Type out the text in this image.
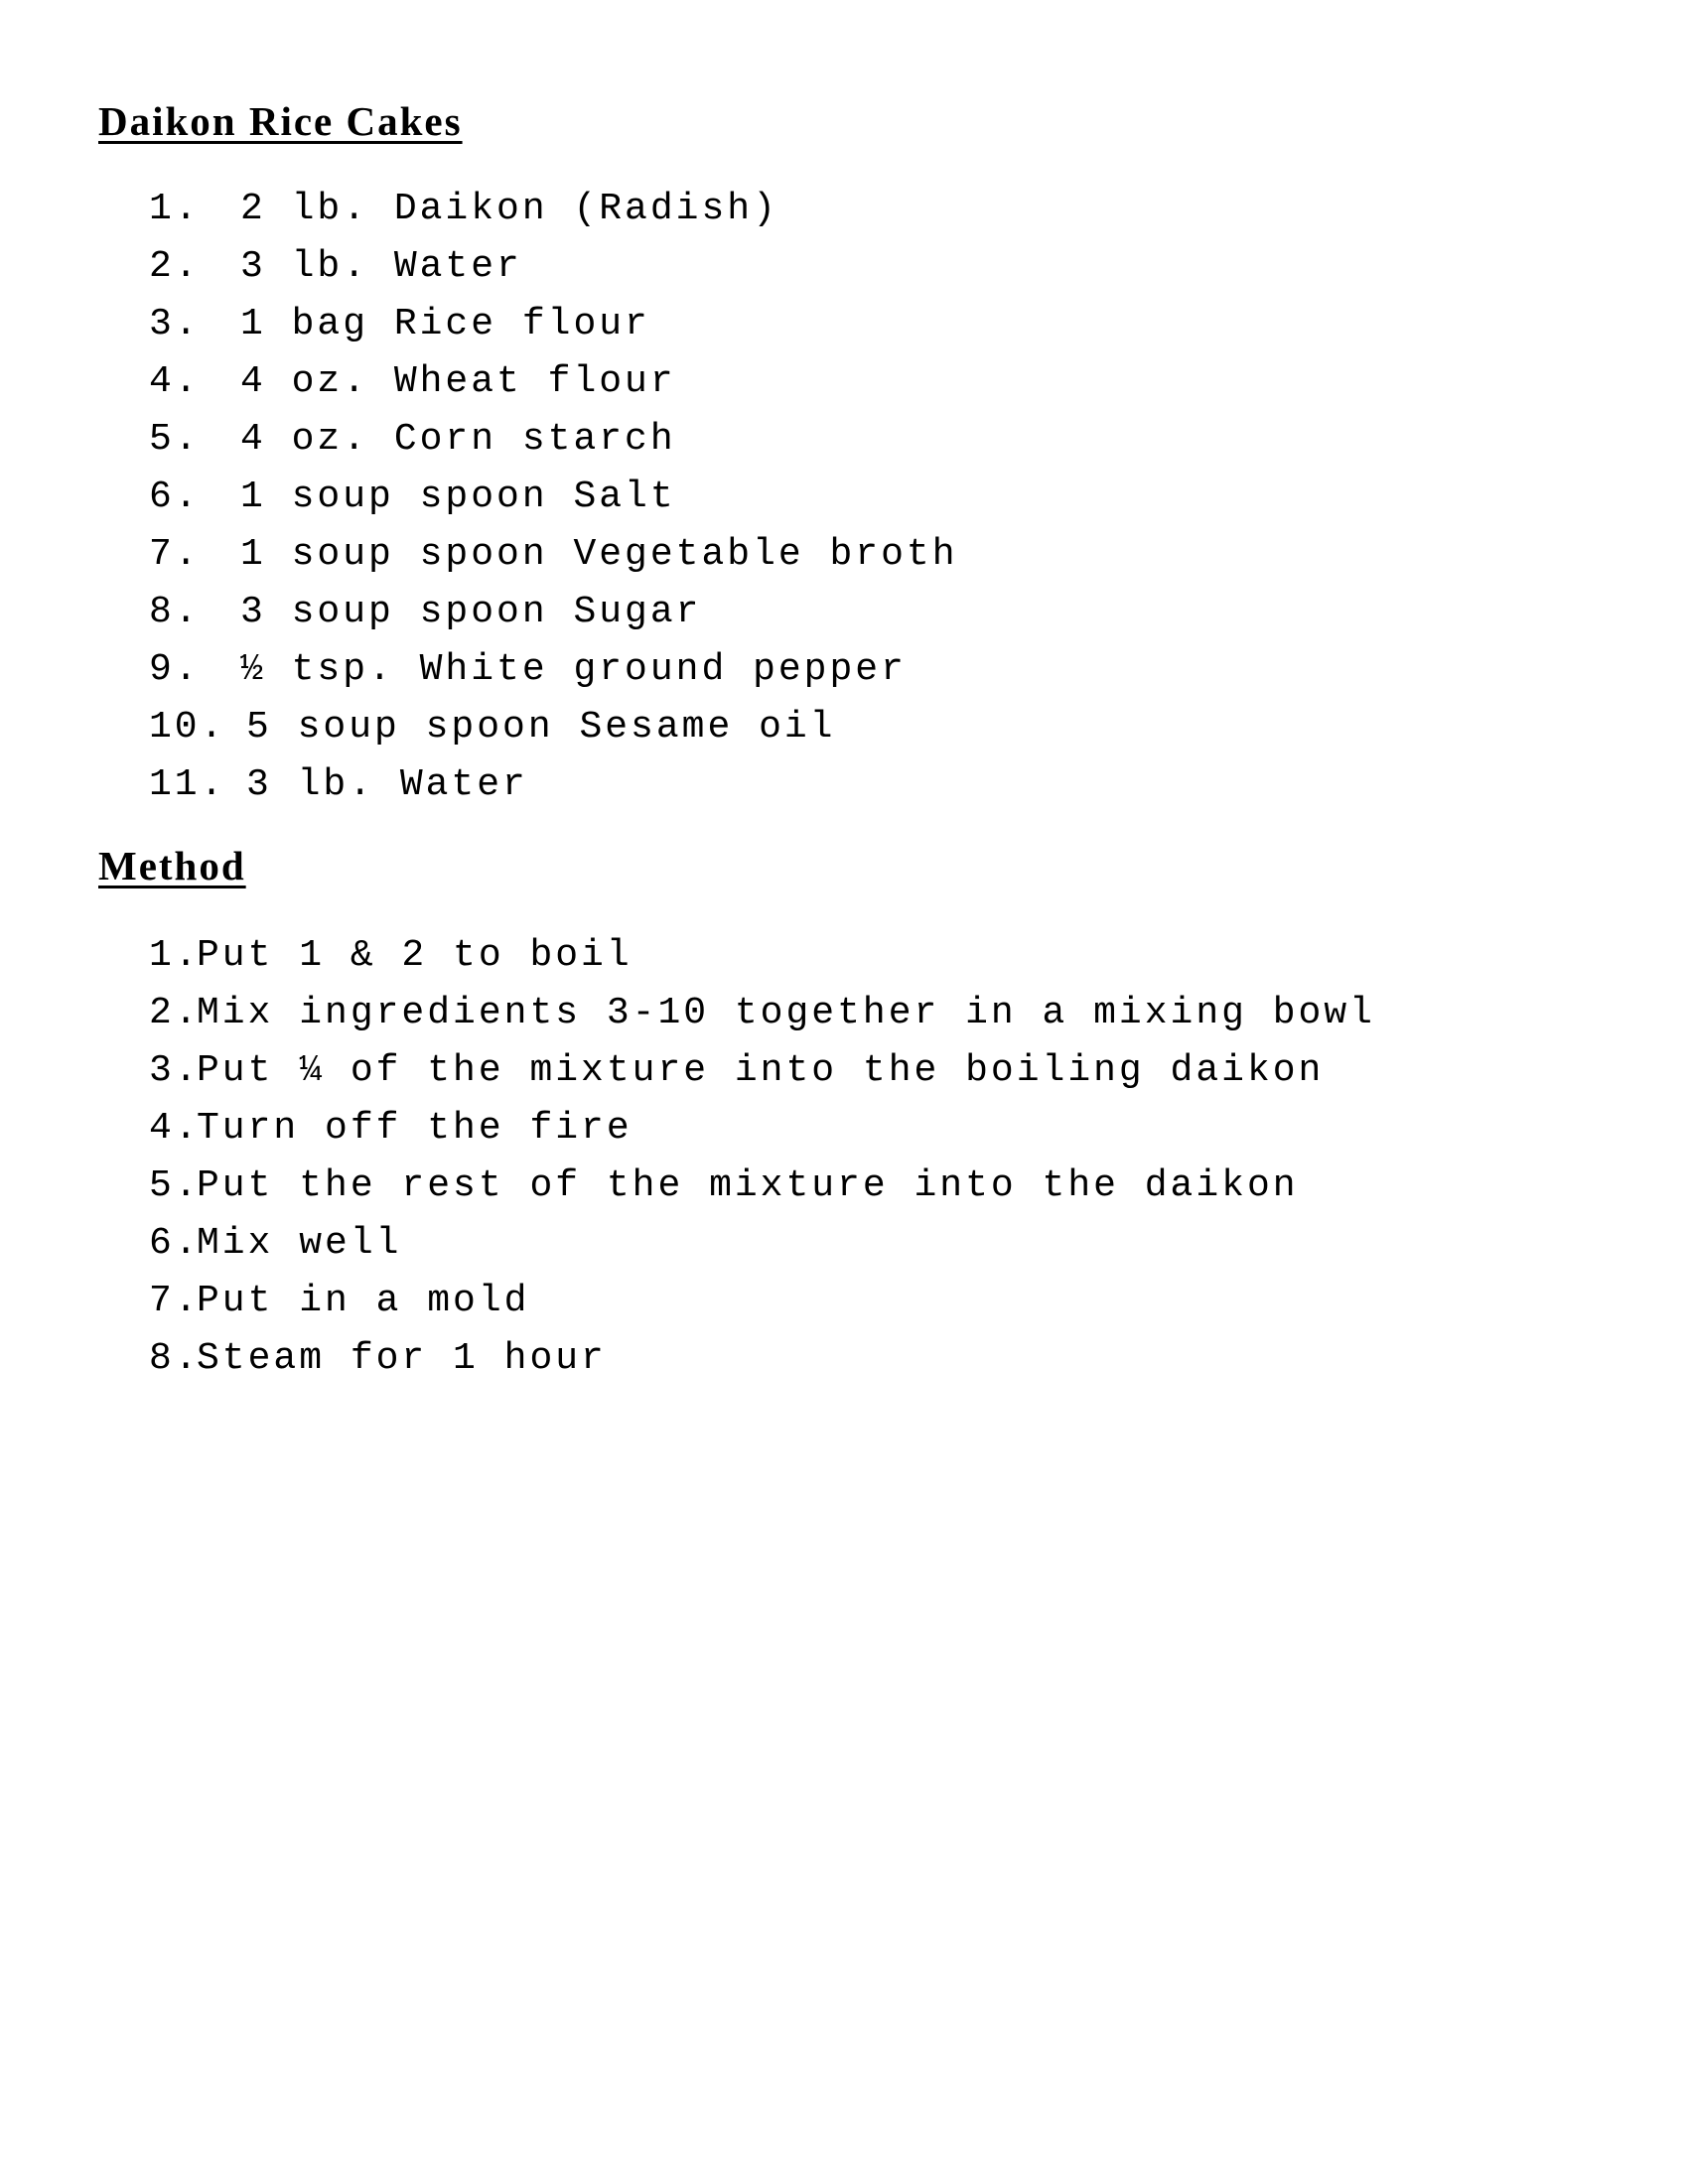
Daikon Rice Cakes
1. 2 lb. Daikon (Radish)
2. 3 lb. Water
3. 1 bag Rice flour
4. 4 oz. Wheat flour
5. 4 oz. Corn starch
6. 1 soup spoon Salt
7. 1 soup spoon Vegetable broth
8. 3 soup spoon Sugar
9. ½ tsp. White ground pepper
10. 5 soup spoon Sesame oil
11. 3 lb. Water
Method
1.
Put 1 & 2 to boil
2.
Mix ingredients 3-10 together in a mixing bowl
3.
Put ¼ of the mixture into the boiling daikon
4.
Turn off the fire
5.
Put the rest of the mixture into the daikon
6.
Mix well
7.
Put in a mold
8.
Steam for 1 hour
